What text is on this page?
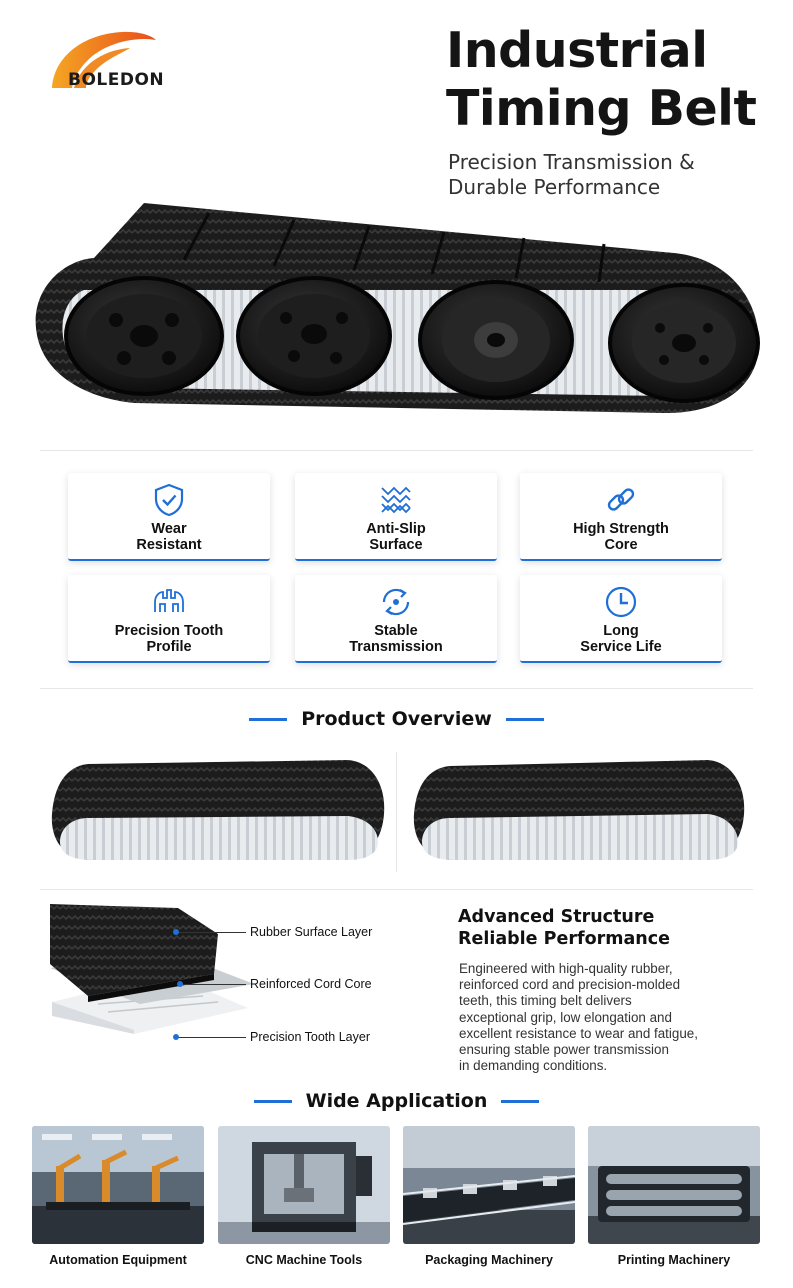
BOLEDON
Industrial Timing Belt
Precision Transmission & Durable Performance
Wear
Resistant
Anti-Slip
Surface
High Strength
Core
Precision Tooth
Profile
Stable
Transmission
Long
Service Life
Product Overview
Rubber Surface Layer
Reinforced Cord Core
Precision Tooth Layer
Advanced Structure
Reliable Performance
Engineered with high-quality rubber,
reinforced cord and precision-molded
teeth, this timing belt delivers
exceptional grip, low elongation and
excellent resistance to wear and fatigue,
ensuring stable power transmission
in demanding conditions.
Wide Application
Automation Equipment	CNC Machine Tools	Packaging Machinery	Printing Machinery
